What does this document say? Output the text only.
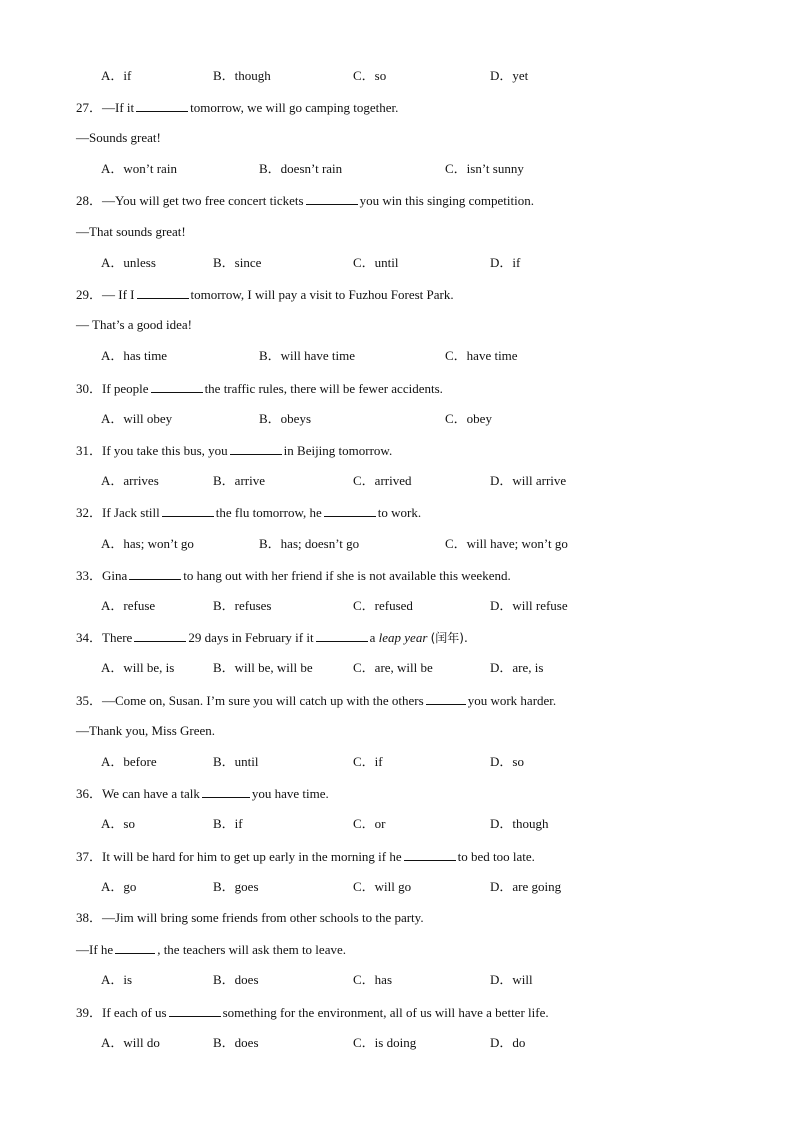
A．if	B．though	C．so	D．yet
27．—If it	tomorrow, we will go camping together.
—Sounds great!
A．won’t rain	B．doesn’t rain	C．isn’t sunny
28．—You will get two free concert tickets	you win this singing competition.
—That sounds great!
A．unless	B．since	C．until	D．if
29．— If I	tomorrow, I will pay a visit to Fuzhou Forest Park.
— That’s a good idea!
A．has time	B．will have time	C．have time
30．If people	the traffic rules, there will be fewer accidents.
A．will obey	B．obeys	C．obey
31．If you take this bus, you	in Beijing tomorrow.
A．arrives	B．arrive	C．arrived	D．will arrive
32．If Jack still	the flu tomorrow, he	to work.
A．has; won’t go	B．has; doesn’t go	C．will have; won’t go
33．Gina	to hang out with her friend if she is not available this weekend.
A．refuse	B．refuses	C．refused	D．will refuse
34．There	29 days in February if it	a leap year (闰年).
A．will be, is	B．will be, will be	C．are, will be	D．are, is
35．—Come on, Susan. I’m sure you will catch up with the others	you work harder.
—Thank you, Miss Green.
A．before	B．until	C．if	D．so
36．We can have a talk	you have time.
A．so	B．if	C．or	D．though
37．It will be hard for him to get up early in the morning if he	to bed too late.
A．go	B．goes	C．will go	D．are going
38．—Jim will bring some friends from other schools to the party.
—If he	, the teachers will ask them to leave.
A．is	B．does	C．has	D．will
39．If each of us	something for the environment, all of us will have a better life.
A．will do	B．does	C．is doing	D．do
